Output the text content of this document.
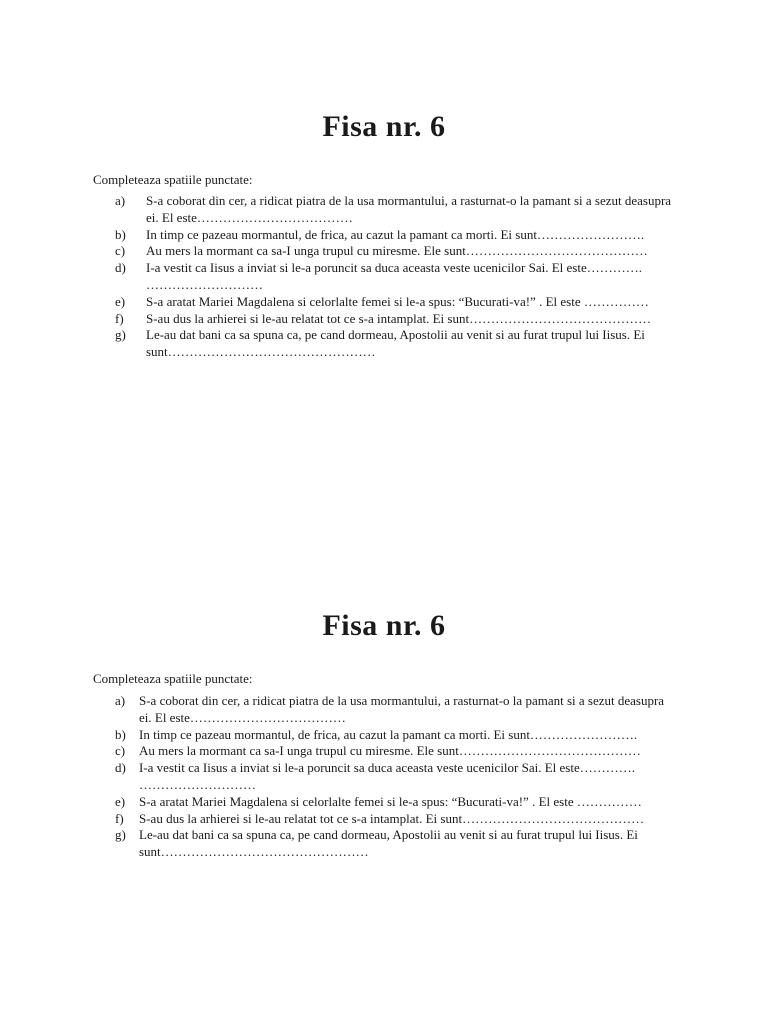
Fisa nr. 6

Completeaza spatiile punctate:

a) S-a coborat din cer, a ridicat piatra de la usa mormantului, a rasturnat-o la pamant si a sezut deasupra ei. El este………………………………
b) In timp ce pazeau mormantul, de frica, au cazut la pamant ca morti. Ei sunt…………………….
c) Au mers la mormant ca sa-I unga trupul cu miresme. Ele sunt……………………………………
d) I-a vestit ca Iisus a inviat si le-a poruncit sa duca aceasta veste ucenicilor Sai. El este…………. ………………………
e) S-a aratat Mariei Magdalena si celorlalte femei si le-a spus: “Bucurati-va!” . El este ……………
f) S-au dus la arhierei si le-au relatat tot ce s-a intamplat. Ei sunt……………………………………
g) Le-au dat bani ca sa spuna ca, pe cand dormeau, Apostolii au venit si au furat trupul lui Iisus. Ei sunt…………………………………………
Fisa nr. 6

Completeaza spatiile punctate:

a) S-a coborat din cer, a ridicat piatra de la usa mormantului, a rasturnat-o la pamant si a sezut deasupra ei. El este………………………………
b) In timp ce pazeau mormantul, de frica, au cazut la pamant ca morti. Ei sunt…………………….
c) Au mers la mormant ca sa-I unga trupul cu miresme. Ele sunt……………………………………
d) I-a vestit ca Iisus a inviat si le-a poruncit sa duca aceasta veste ucenicilor Sai. El este…………. ………………………
e) S-a aratat Mariei Magdalena si celorlalte femei si le-a spus: “Bucurati-va!” . El este ……………
f) S-au dus la arhierei si le-au relatat tot ce s-a intamplat. Ei sunt……………………………………
g) Le-au dat bani ca sa spuna ca, pe cand dormeau, Apostolii au venit si au furat trupul lui Iisus. Ei sunt…………………………………………
